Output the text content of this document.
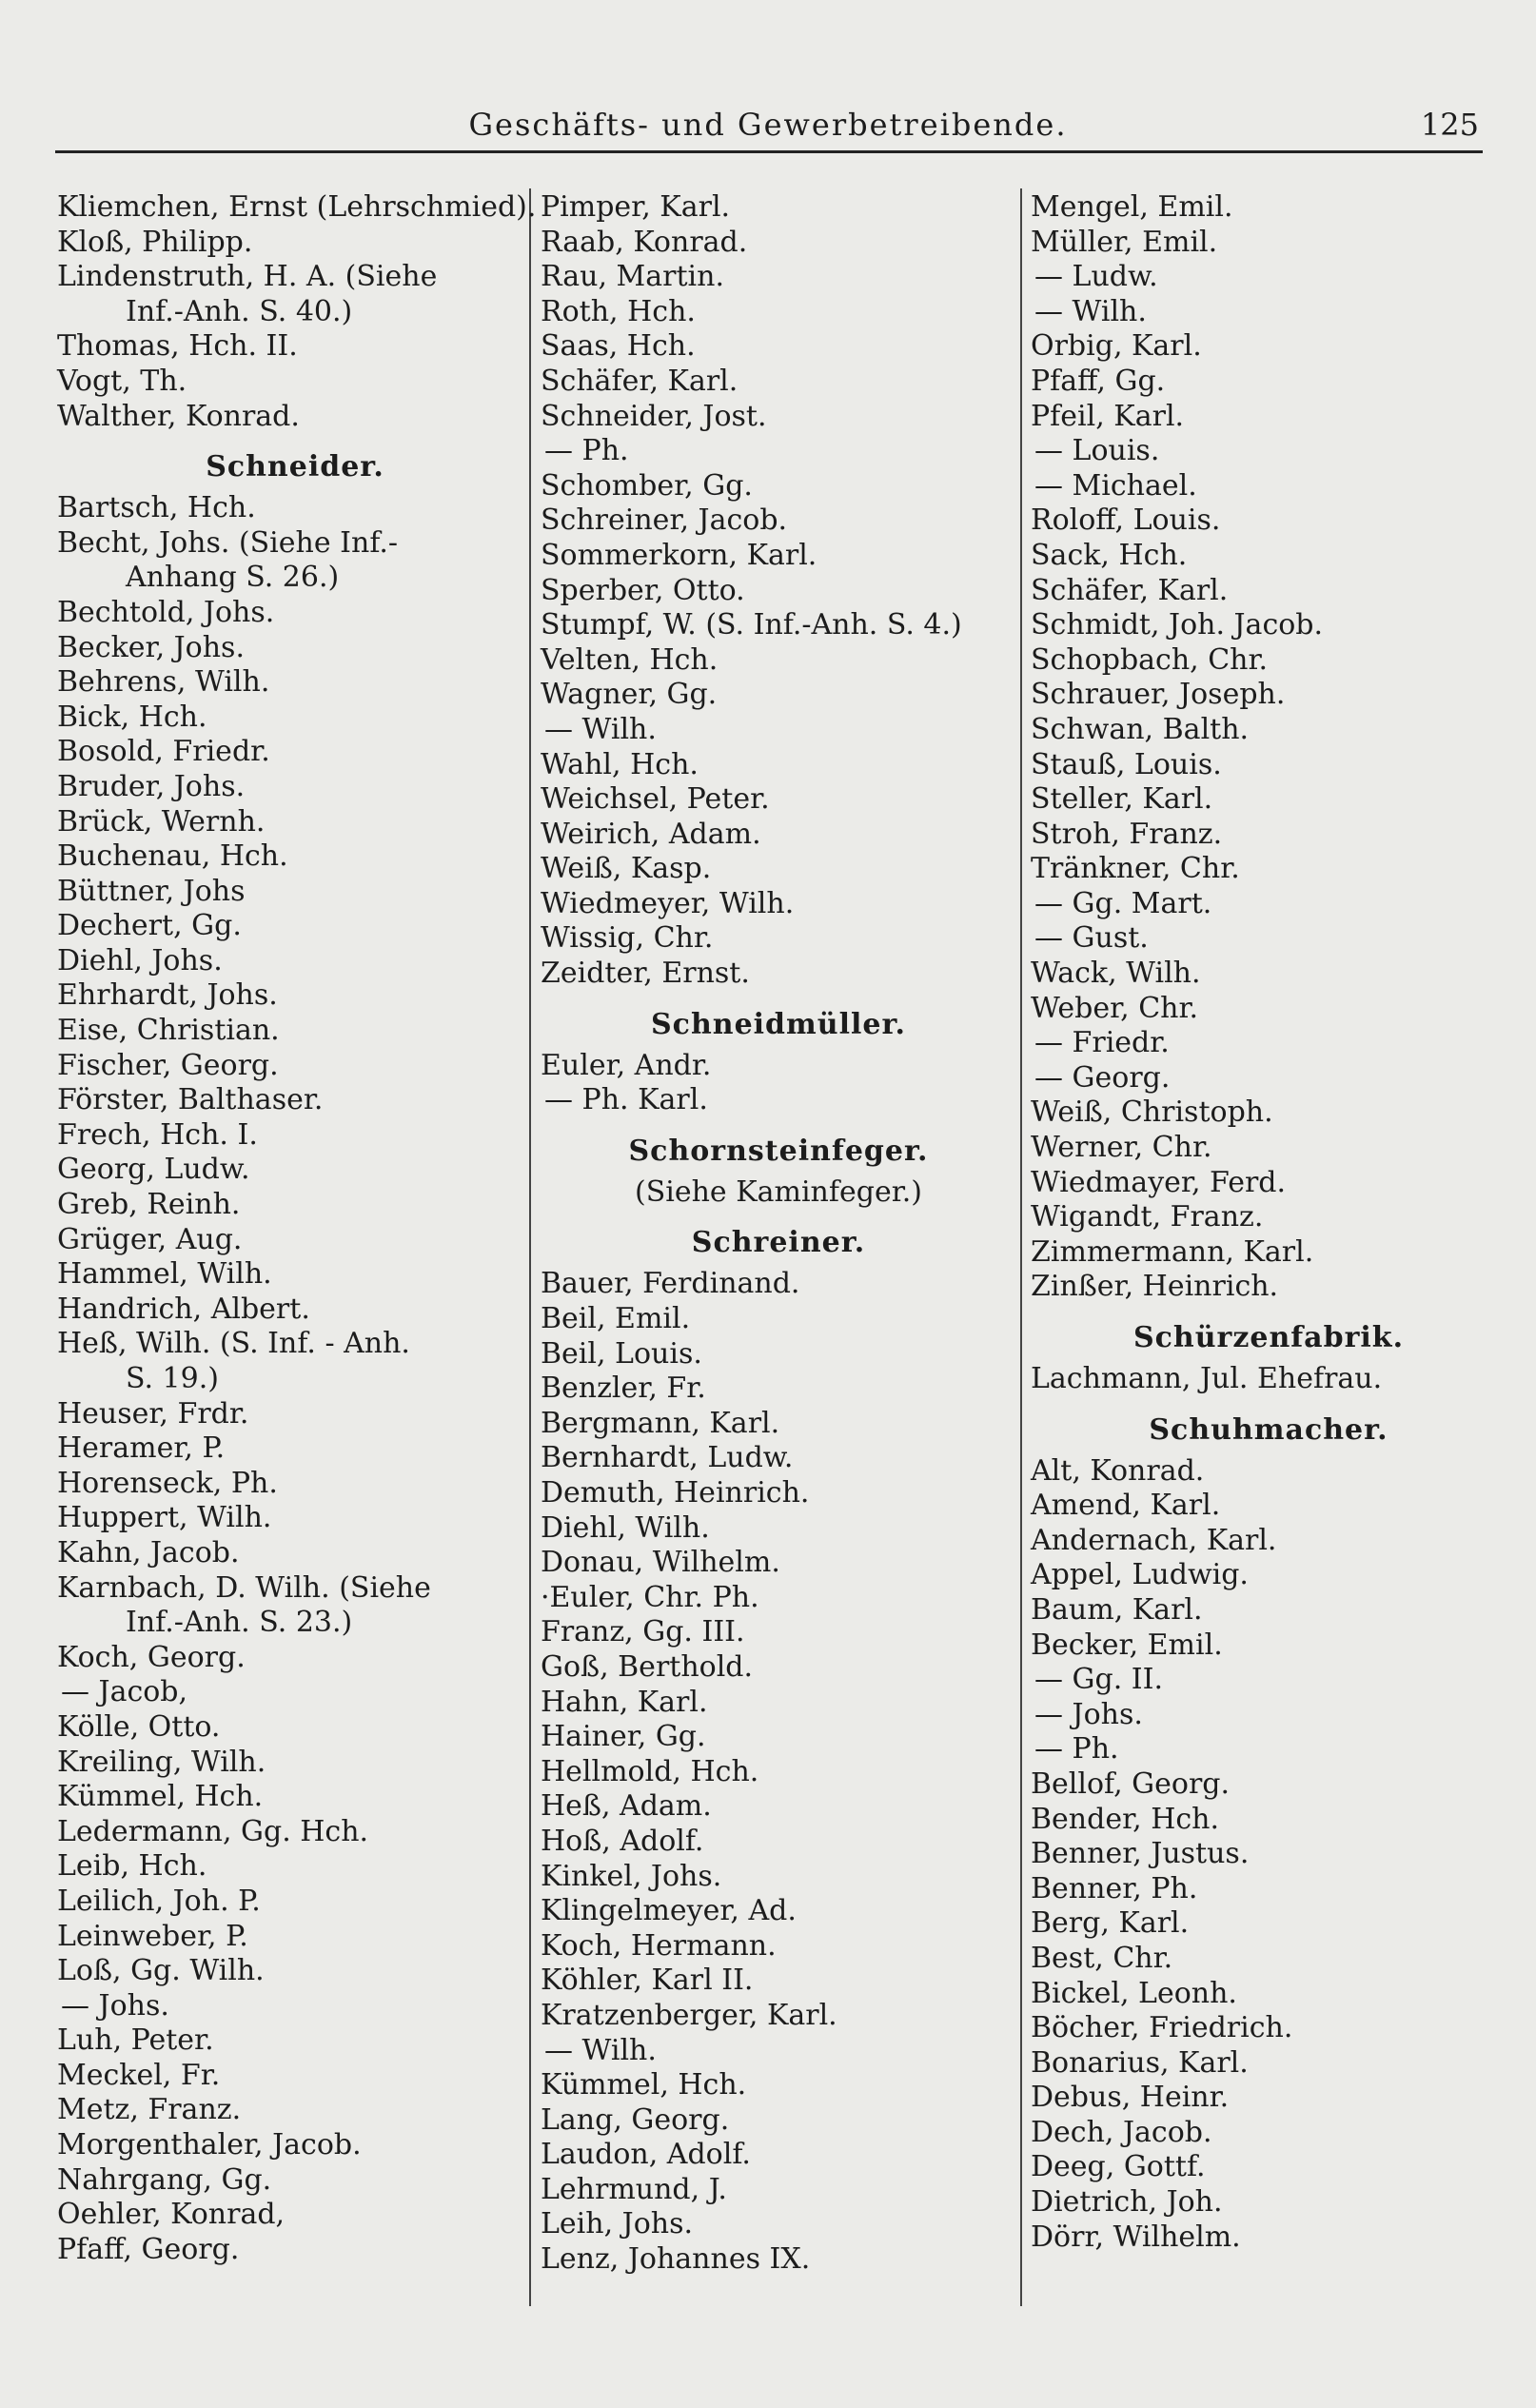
Geschäfts- und Gewerbetreibende.	125
Kliemchen, Ernst (Lehrschmied).
Kloß, Philipp.
Lindenstruth, H. A. (Siehe
Inf.-Anh. S. 40.)
Thomas, Hch. II.
Vogt, Th.
Walther, Konrad.
Schneider.
Bartsch, Hch.
Becht, Johs. (Siehe Inf.-
Anhang S. 26.)
Bechtold, Johs.
Becker, Johs.
Behrens, Wilh.
Bick, Hch.
Bosold, Friedr.
Bruder, Johs.
Brück, Wernh.
Buchenau, Hch.
Büttner, Johs
Dechert, Gg.
Diehl, Johs.
Ehrhardt, Johs.
Eise, Christian.
Fischer, Georg.
Förster, Balthaser.
Frech, Hch. I.
Georg, Ludw.
Greb, Reinh.
Grüger, Aug.
Hammel, Wilh.
Handrich, Albert.
Heß, Wilh. (S. Inf. - Anh.
S. 19.)
Heuser, Frdr.
Heramer, P.
Horenseck, Ph.
Huppert, Wilh.
Kahn, Jacob.
Karnbach, D. Wilh. (Siehe
Inf.-Anh. S. 23.)
Koch, Georg.
— Jacob,
Kölle, Otto.
Kreiling, Wilh.
Kümmel, Hch.
Ledermann, Gg. Hch.
Leib, Hch.
Leilich, Joh. P.
Leinweber, P.
Loß, Gg. Wilh.
— Johs.
Luh, Peter.
Meckel, Fr.
Metz, Franz.
Morgenthaler, Jacob.
Nahrgang, Gg.
Oehler, Konrad,
Pfaff, Georg.
Pimper, Karl.
Raab, Konrad.
Rau, Martin.
Roth, Hch.
Saas, Hch.
Schäfer, Karl.
Schneider, Jost.
— Ph.
Schomber, Gg.
Schreiner, Jacob.
Sommerkorn, Karl.
Sperber, Otto.
Stumpf, W. (S. Inf.-Anh. S. 4.)
Velten, Hch.
Wagner, Gg.
— Wilh.
Wahl, Hch.
Weichsel, Peter.
Weirich, Adam.
Weiß, Kasp.
Wiedmeyer, Wilh.
Wissig, Chr.
Zeidter, Ernst.
Schneidmüller.
Euler, Andr.
— Ph. Karl.
Schornsteinfeger.
(Siehe Kaminfeger.)
Schreiner.
Bauer, Ferdinand.
Beil, Emil.
Beil, Louis.
Benzler, Fr.
Bergmann, Karl.
Bernhardt, Ludw.
Demuth, Heinrich.
Diehl, Wilh.
Donau, Wilhelm.
·Euler, Chr. Ph.
Franz, Gg. III.
Goß, Berthold.
Hahn, Karl.
Hainer, Gg.
Hellmold, Hch.
Heß, Adam.
Hoß, Adolf.
Kinkel, Johs.
Klingelmeyer, Ad.
Koch, Hermann.
Köhler, Karl II.
Kratzenberger, Karl.
— Wilh.
Kümmel, Hch.
Lang, Georg.
Laudon, Adolf.
Lehrmund, J.
Leih, Johs.
Lenz, Johannes IX.
Mengel, Emil.
Müller, Emil.
— Ludw.
— Wilh.
Orbig, Karl.
Pfaff, Gg.
Pfeil, Karl.
— Louis.
— Michael.
Roloff, Louis.
Sack, Hch.
Schäfer, Karl.
Schmidt, Joh. Jacob.
Schopbach, Chr.
Schrauer, Joseph.
Schwan, Balth.
Stauß, Louis.
Steller, Karl.
Stroh, Franz.
Tränkner, Chr.
— Gg. Mart.
— Gust.
Wack, Wilh.
Weber, Chr.
— Friedr.
— Georg.
Weiß, Christoph.
Werner, Chr.
Wiedmayer, Ferd.
Wigandt, Franz.
Zimmermann, Karl.
Zinßer, Heinrich.
Schürzenfabrik.
Lachmann, Jul. Ehefrau.
Schuhmacher.
Alt, Konrad.
Amend, Karl.
Andernach, Karl.
Appel, Ludwig.
Baum, Karl.
Becker, Emil.
— Gg. II.
— Johs.
— Ph.
Bellof, Georg.
Bender, Hch.
Benner, Justus.
Benner, Ph.
Berg, Karl.
Best, Chr.
Bickel, Leonh.
Böcher, Friedrich.
Bonarius, Karl.
Debus, Heinr.
Dech, Jacob.
Deeg, Gottf.
Dietrich, Joh.
Dörr, Wilhelm.
